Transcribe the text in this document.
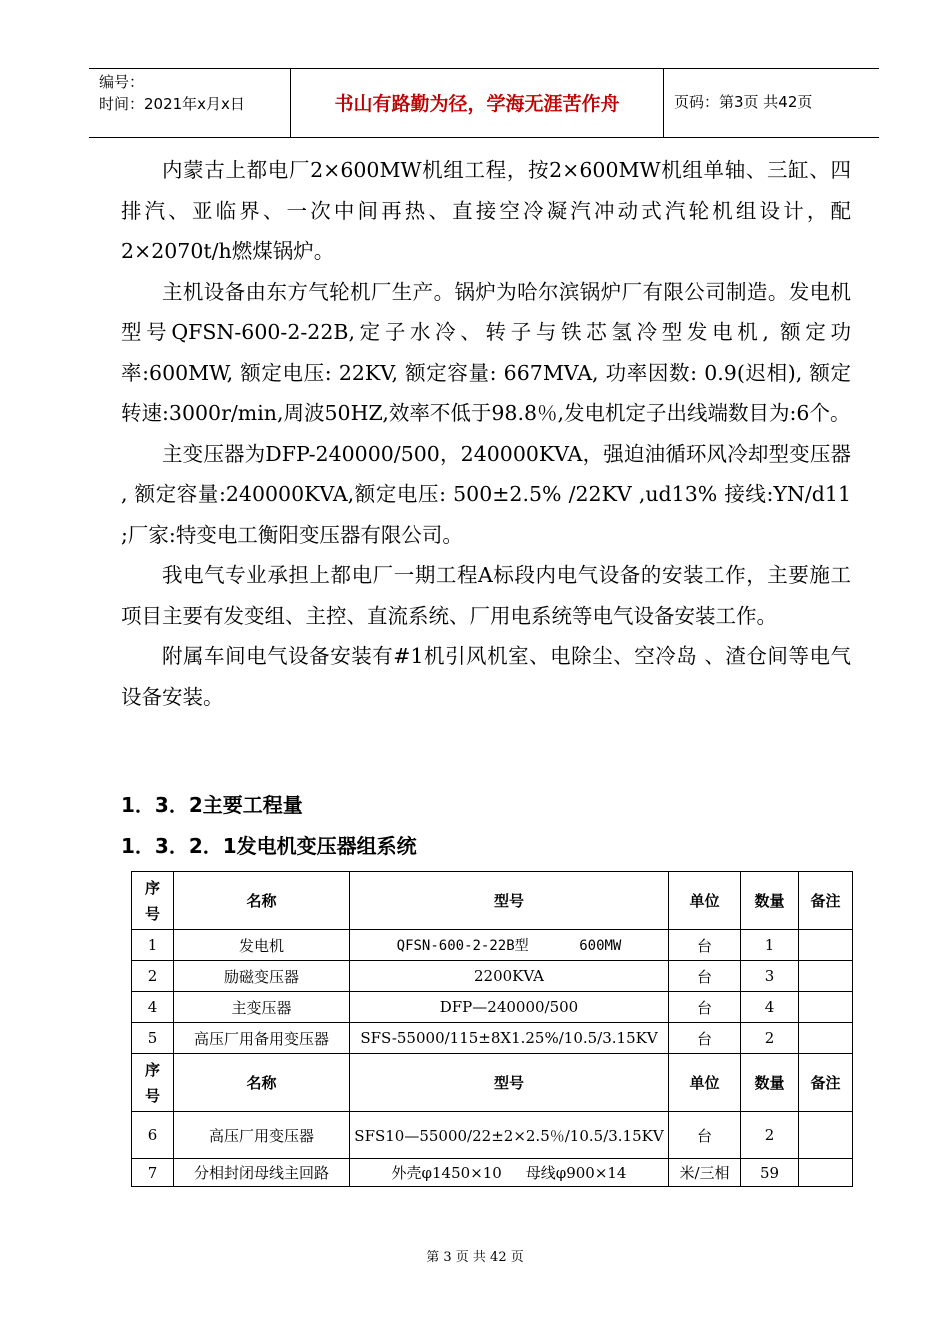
编号：
时间：2021年x月x日	书山有路勤为径，学海无涯苦作舟	页码：第3页 共42页

内蒙古上都电厂2×600MW机组工程，按2×600MW机组单轴、三缸、四排汽、亚临界、一次中间再热、直接空冷凝汽冲动式汽轮机组设计，配2×2070t/h燃煤锅炉。

主机设备由东方气轮机厂生产。锅炉为哈尔滨锅炉厂有限公司制造。发电机型号QFSN-600-2-22B,定子水冷、转子与铁芯氢冷型发电机, 额定功率:600MW, 额定电压: 22KV, 额定容量: 667MVA, 功率因数: 0.9(迟相), 额定转速:3000r/min,周波50HZ,效率不低于98.8％,发电机定子出线端数目为:6个。

主变压器为DFP-240000/500，240000KVA，强迫油循环风冷却型变压器 , 额定容量:240000KVA,额定电压: 500±2.5% /22KV ,ud13% 接线:YN/d11 ;厂家:特变电工衡阳变压器有限公司。

我电气专业承担上都电厂一期工程A标段内电气设备的安装工作，主要施工项目主要有发变组、主控、直流系统、厂用电系统等电气设备安装工作。

附属车间电气设备安装有#1机引风机室、电除尘、空冷岛 、渣仓间等电气设备安装。

1．3．2主要工程量
1．3．2．1发电机变压器组系统
序
号	名称	型号	单位	数量	备注
1	发电机	QFSN-600-2-22B型      600MW	台	1	
2	励磁变压器	2200KVA	台	3	
4	主变压器	DFP—240000/500	台	4	
5	高压厂用备用变压器	SFS-55000/115±8X1.25%/10.5/3.15KV	台	2	
序
号	名称	型号	单位	数量	备注
6	高压厂用变压器	SFS10—55000/22±2×2.5％/10.5/3.15KV	台	2	
7	分相封闭母线主回路	外壳φ1450×10     母线φ900×14	米/三相	59	
第 3 页 共 42 页
